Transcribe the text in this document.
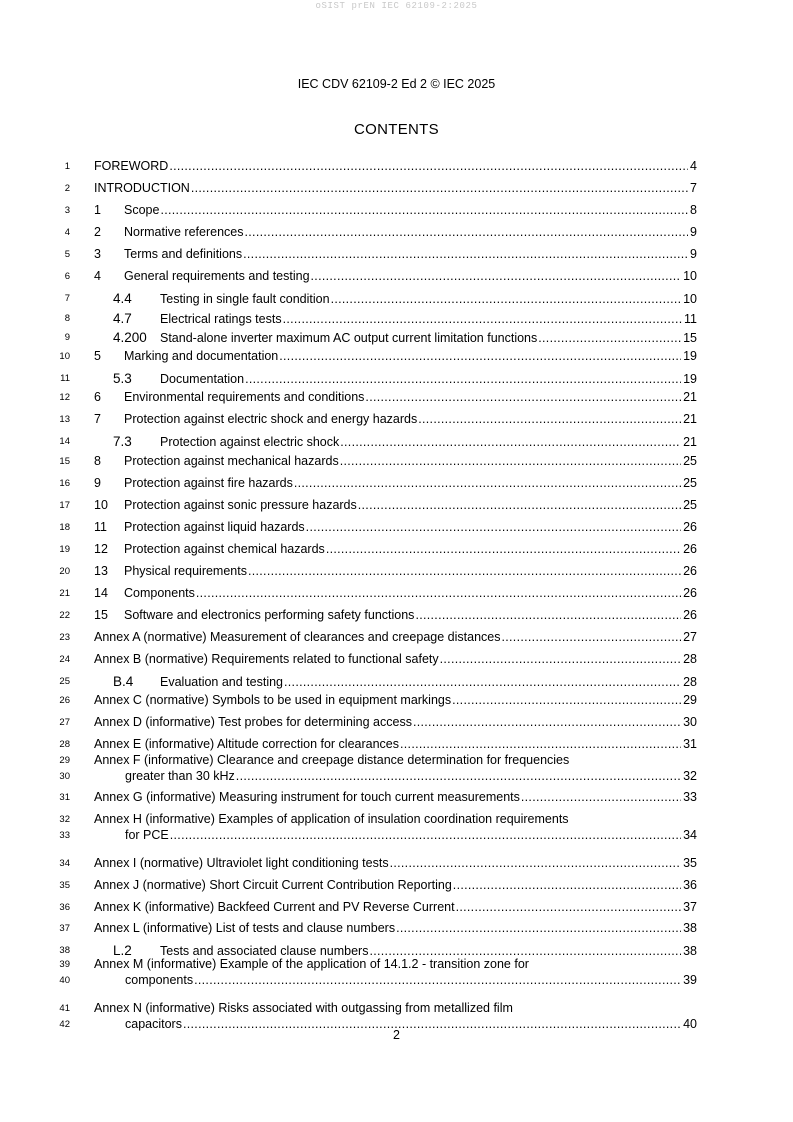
oSIST prEN IEC 62109-2:2025
IEC CDV 62109-2 Ed 2 © IEC 2025
CONTENTS
1 FOREWORD .....	4
2 INTRODUCTION .....	7
3 1	Scope .....	8
4 2	Normative references .....	9
5 3	Terms and definitions .....	9
6 4	General requirements and testing .....	10
7	4.4	Testing in single fault condition .....	10
8	4.7	Electrical ratings tests .....	11
9	4.200	Stand-alone inverter maximum AC output current limitation functions .....	15
10 5	Marking and documentation .....	19
11	5.3	Documentation .....	19
12 6	Environmental requirements and conditions .....	21
13 7	Protection against electric shock and energy hazards .....	21
14	7.3	Protection against electric shock .....	21
15 8	Protection against mechanical hazards .....	25
16 9	Protection against fire hazards .....	25
17 10	Protection against sonic pressure hazards .....	25
18 11	Protection against liquid hazards .....	26
19 12	Protection against chemical hazards .....	26
20 13	Physical requirements .....	26
21 14	Components .....	26
22 15	Software and electronics performing safety functions .....	26
23 Annex A (normative) Measurement of clearances and creepage distances .....	27
24 Annex B (normative) Requirements related to functional safety .....	28
25	B.4	Evaluation and testing .....	28
26 Annex C (normative) Symbols to be used in equipment markings .....	29
27 Annex D (informative) Test probes for determining access .....	30
28 Annex E (informative) Altitude correction for clearances .....	31
29 Annex F (informative) Clearance and creepage distance determination for frequencies
30	greater than 30 kHz .....	32
31 Annex G (informative) Measuring instrument for touch current measurements .....	33
32 Annex H (informative) Examples of application of insulation coordination requirements
33	for PCE .....	34
34 Annex I (normative) Ultraviolet light conditioning tests .....	35
35 Annex J (normative) Short Circuit Current Contribution Reporting .....	36
36 Annex K (informative) Backfeed Current and PV Reverse Current .....	37
37 Annex L (informative) List of tests and clause numbers .....	38
38	L.2	Tests and associated clause numbers .....	38
39 Annex M (informative) Example of the application of 14.1.2 - transition zone for
40	components .....	39
41 Annex N (informative) Risks associated with outgassing from metallized film
42	capacitors .....	40
2
